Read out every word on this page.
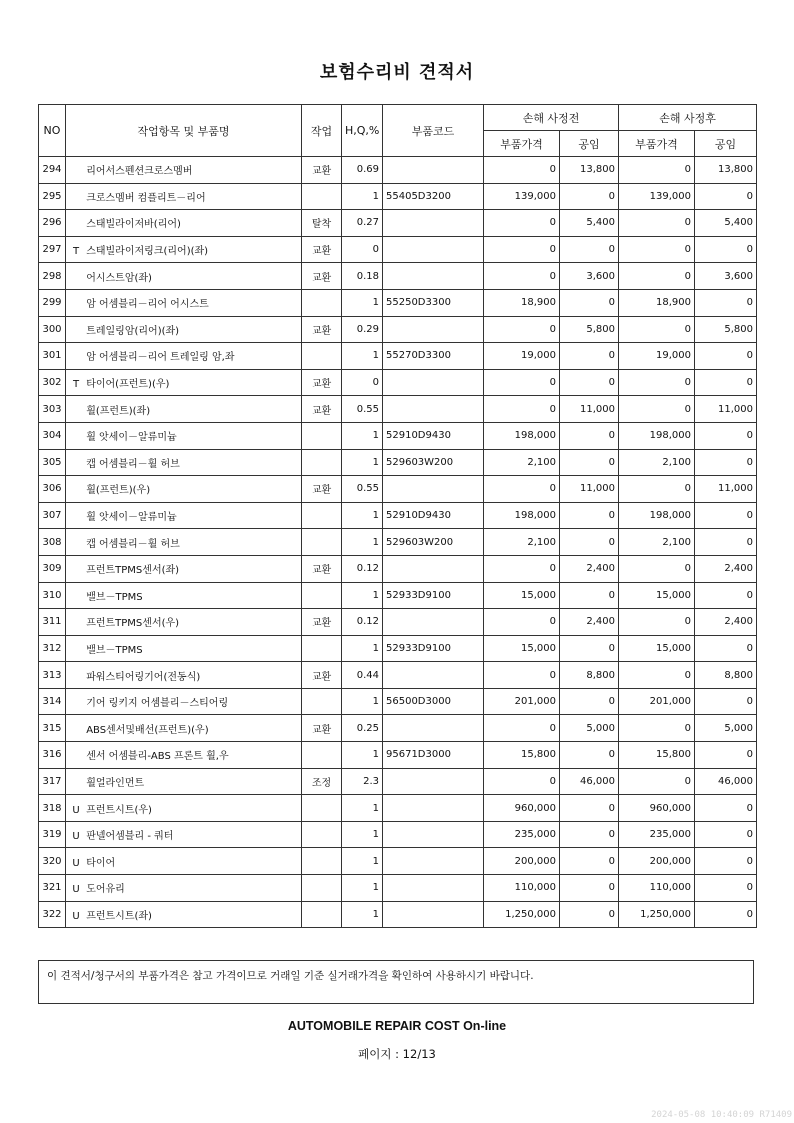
보험수리비 견적서
NO	작업항목 및 부품명	작업	H,Q,%	부품코드	손해 사정전		손해 사정후	
					부품가격	공임	부품가격	공임
294	리어서스펜션크로스멤버	교환	0.69		0	13,800	0	13,800
295	크로스멤버 컴플리트－리어		1	55405D3200	139,000	0	139,000	0
296	스태빌라이저바(리어)	탈착	0.27		0	5,400	0	5,400
297	T 스태빌라이저링크(리어)(좌)	교환	0		0	0	0	0
298	어시스트암(좌)	교환	0.18		0	3,600	0	3,600
299	암 어셈블리－리어 어시스트		1	55250D3300	18,900	0	18,900	0
300	트레일링암(리어)(좌)	교환	0.29		0	5,800	0	5,800
301	암 어셈블리－리어 트레일링 암,좌		1	55270D3300	19,000	0	19,000	0
302	T 타이어(프런트)(우)	교환	0		0	0	0	0
303	휠(프런트)(좌)	교환	0.55		0	11,000	0	11,000
304	휠 앗세이－알류미늄		1	52910D9430	198,000	0	198,000	0
305	캡 어셈블리－휠 허브		1	529603W200	2,100	0	2,100	0
306	휠(프런트)(우)	교환	0.55		0	11,000	0	11,000
307	휠 앗세이－알류미늄		1	52910D9430	198,000	0	198,000	0
308	캡 어셈블리－휠 허브		1	529603W200	2,100	0	2,100	0
309	프런트TPMS센서(좌)	교환	0.12		0	2,400	0	2,400
310	밸브－TPMS		1	52933D9100	15,000	0	15,000	0
311	프런트TPMS센서(우)	교환	0.12		0	2,400	0	2,400
312	밸브－TPMS		1	52933D9100	15,000	0	15,000	0
313	파워스티어링기어(전동식)	교환	0.44		0	8,800	0	8,800
314	기어 링키지 어셈블리－스티어링		1	56500D3000	201,000	0	201,000	0
315	ABS센서및배선(프런트)(우)	교환	0.25		0	5,000	0	5,000
316	센서 어셈블리-ABS 프론트 휠,우		1	95671D3000	15,800	0	15,800	0
317	휠얼라인먼트	조정	2.3		0	46,000	0	46,000
318	U 프런트시트(우)		1		960,000	0	960,000	0
319	U 판넬어셈블리 - 쿼터		1		235,000	0	235,000	0
320	U 타이어		1		200,000	0	200,000	0
321	U 도어유리		1		110,000	0	110,000	0
322	U 프런트시트(좌)		1		1,250,000	0	1,250,000	0
이 견적서/청구서의 부품가격은 참고 가격이므로 거래일 기준 실거래가격을 확인하여 사용하시기 바랍니다.
AUTOMOBILE REPAIR COST On-line
페이지 : 12/13
2024-05-08 10:40:09 R71409
